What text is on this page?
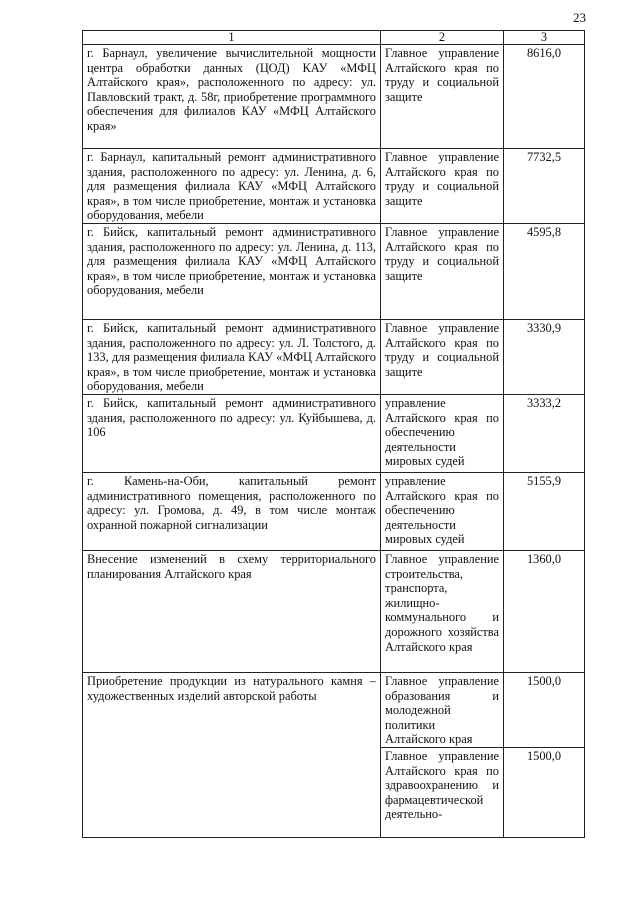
23
1	2	3
г. Барнаул, увеличение вычислительной мощности центра обработки данных (ЦОД) КАУ «МФЦ Алтайского края», расположенного по адресу: ул. Павловский тракт, д. 58г, приобретение программного обеспечения для филиалов КАУ «МФЦ Алтайского края»	Главное управление Алтайского края по труду и социальной защите	8616,0
г. Барнаул, капитальный ремонт административного здания, расположенного по адресу: ул. Ленина, д. 6, для размещения филиала КАУ «МФЦ Алтайского края», в том числе приобретение, монтаж и установка оборудования, мебели	Главное управление Алтайского края по труду и социальной защите	7732,5
г. Бийск, капитальный ремонт административного здания, расположенного по адресу: ул. Ленина, д. 113, для размещения филиала КАУ «МФЦ Алтайского края», в том числе приобретение, монтаж и установка оборудования, мебели	Главное управление Алтайского края по труду и социальной защите	4595,8
г. Бийск, капитальный ремонт административного здания, расположенного по адресу: ул. Л. Толстого, д. 133, для размещения филиала КАУ «МФЦ Алтайского края», в том числе приобретение, монтаж и установка оборудования, мебели	Главное управление Алтайского края по труду и социальной защите	3330,9
г. Бийск, капитальный ремонт административного здания, расположенного по адресу: ул. Куйбышева, д. 106	управление Алтайского края по обеспечению деятельности мировых судей	3333,2
г. Камень-на-Оби, капитальный ремонт административного помещения, расположенного по адресу: ул. Громова, д. 49, в том числе монтаж охранной пожарной сигнализации	управление Алтайского края по обеспечению деятельности мировых судей	5155,9
Внесение изменений в схему территориального планирования Алтайского края	Главное управление строительства, транспорта, жилищно-коммунального и дорожного хозяйства Алтайского края	1360,0
Приобретение продукции из натурального камня – художественных изделий авторской работы	Главное управление образования и молодежной политики Алтайского края	1500,0
	Главное управление Алтайского края по здравоохранению и фармацевтической деятельно-	1500,0
